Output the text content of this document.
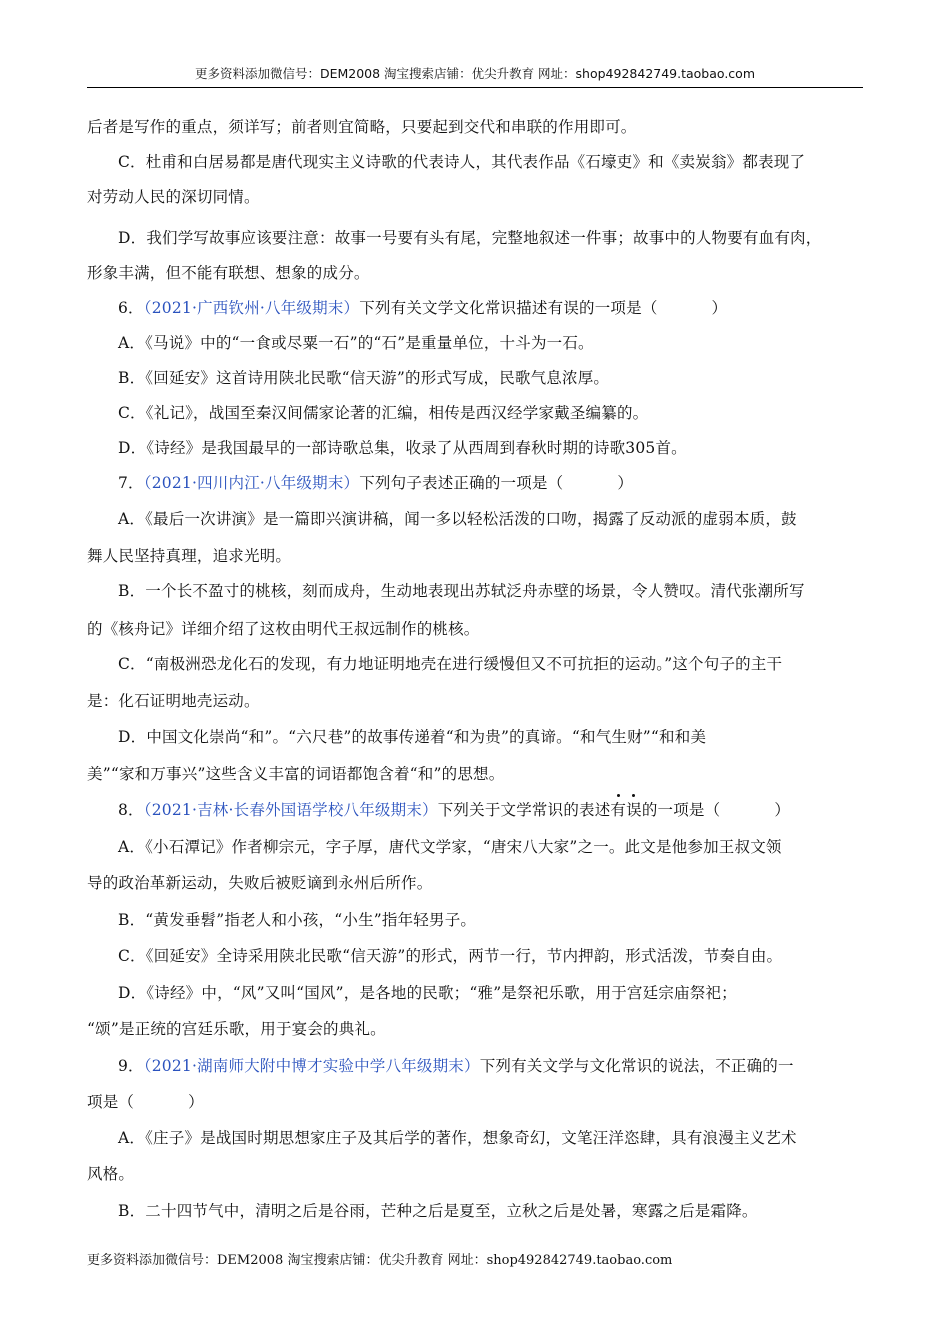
更多资料添加微信号：DEM2008 淘宝搜索店铺：优尖升教育 网址：shop492842749.taobao.com
后者是写作的重点，须详写；前者则宜简略，只要起到交代和串联的作用即可。
C．杜甫和白居易都是唐代现实主义诗歌的代表诗人，其代表作品《石壕吏》和《卖炭翁》都表现了
对劳动人民的深切同情。
D．我们学写故事应该要注意：故事一号要有头有尾，完整地叙述一件事；故事中的人物要有血有肉，
形象丰满，但不能有联想、想象的成分。
6．（2021·广西钦州·八年级期末）下列有关文学文化常识描述有误的一项是（	）
A．《马说》中的“一食或尽粟一石”的“石”是重量单位，十斗为一石。
B．《回延安》这首诗用陕北民歌“信天游”的形式写成，民歌气息浓厚。
C．《礼记》，战国至秦汉间儒家论著的汇编，相传是西汉经学家戴圣编纂的。
D．《诗经》是我国最早的一部诗歌总集，收录了从西周到春秋时期的诗歌305首。
7．（2021·四川内江·八年级期末）下列句子表述正确的一项是（	）
A．《最后一次讲演》是一篇即兴演讲稿，闻一多以轻松活泼的口吻，揭露了反动派的虚弱本质，鼓
舞人民坚持真理，追求光明。
B．一个长不盈寸的桃核，刻而成舟，生动地表现出苏轼泛舟赤壁的场景，令人赞叹。清代张潮所写
的《核舟记》详细介绍了这枚由明代王叔远制作的桃核。
C．“南极洲恐龙化石的发现，有力地证明地壳在进行缓慢但又不可抗拒的运动。”这个句子的主干
是：化石证明地壳运动。
D．中国文化崇尚“和”。“六尺巷”的故事传递着“和为贵”的真谛。“和气生财”“和和美
美”“家和万事兴”这些含义丰富的词语都饱含着“和”的思想。
8．（2021·吉林·长春外国语学校八年级期末）下列关于文学常识的表述有误的一项是（	）
A．《小石潭记》作者柳宗元，字子厚，唐代文学家，“唐宋八大家”之一。此文是他参加王叔文领
导的政治革新运动，失败后被贬谪到永州后所作。
B．“黄发垂髫”指老人和小孩，“小生”指年轻男子。
C．《回延安》全诗采用陕北民歌“信天游”的形式，两节一行，节内押韵，形式活泼，节奏自由。
D．《诗经》中，“风”又叫“国风”，是各地的民歌；“雅”是祭祀乐歌，用于宫廷宗庙祭祀；
“颂”是正统的宫廷乐歌，用于宴会的典礼。
9．（2021·湖南师大附中博才实验中学八年级期末）下列有关文学与文化常识的说法，不正确的一
项是（	）
A．《庄子》是战国时期思想家庄子及其后学的著作，想象奇幻，文笔汪洋恣肆，具有浪漫主义艺术
风格。
B．二十四节气中，清明之后是谷雨，芒种之后是夏至，立秋之后是处暑，寒露之后是霜降。
更多资料添加微信号：DEM2008 淘宝搜索店铺：优尖升教育 网址：shop492842749.taobao.com
